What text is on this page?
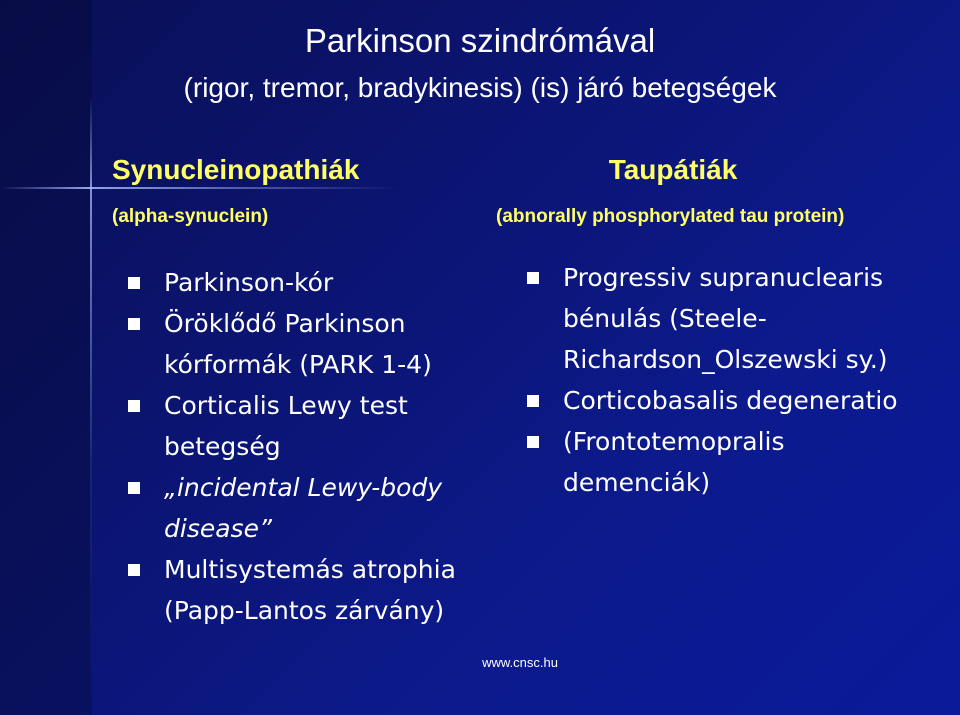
Parkinson szindrómával
(rigor, tremor, bradykinesis) (is) járó betegségek
Synucleinopathiák
(alpha-synuclein)
Taupátiák
(abnorally phosphorylated tau protein)
Parkinson-kór
Öröklődő Parkinson kórformák (PARK 1-4)
Corticalis Lewy test betegség
„incidental Lewy-body disease”
Multisystemás atrophia (Papp-Lantos zárvány)
Progressiv supranuclearis bénulás (Steele-Richardson_Olszewski sy.)
Corticobasalis degeneratio
(Frontotemopralis demenciák)
www.cnsc.hu
